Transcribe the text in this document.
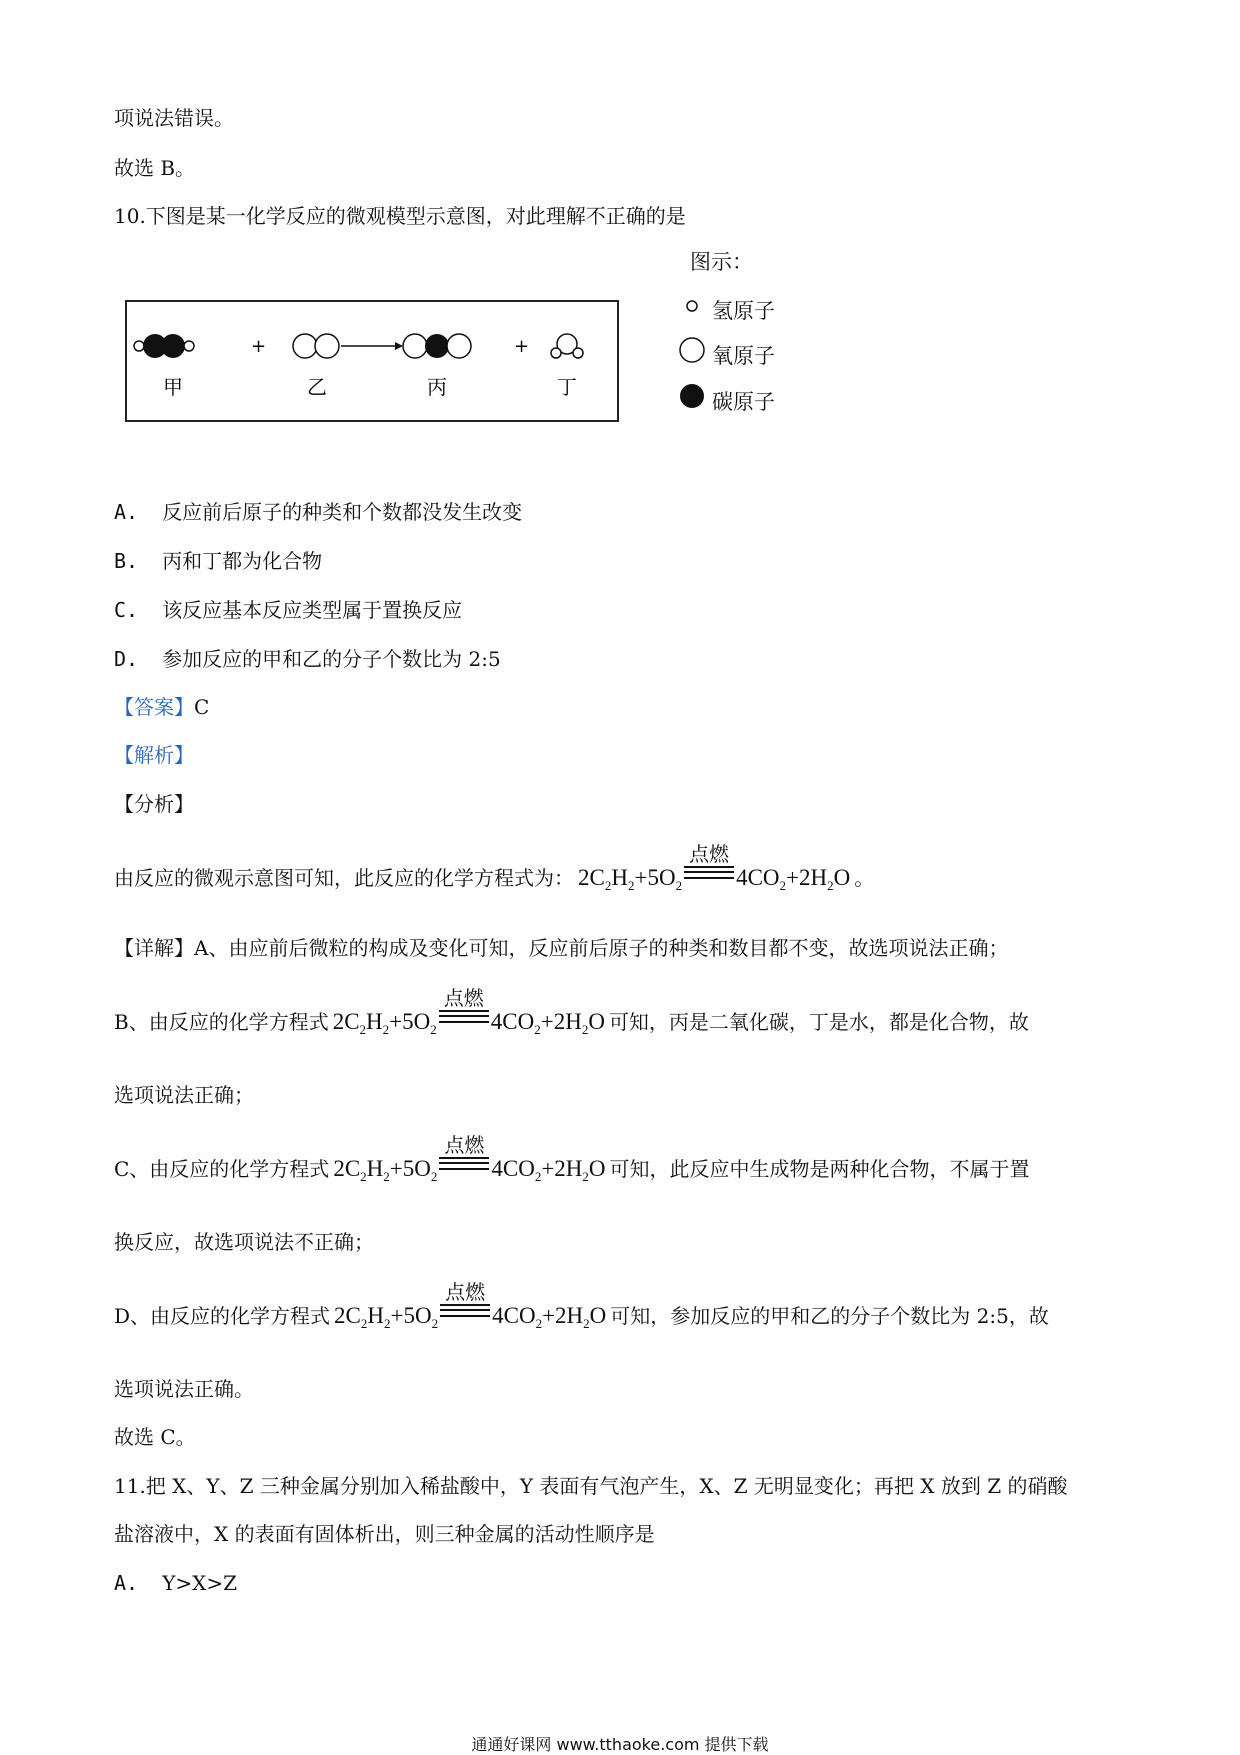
项说法错误。
故选 B。
10.下图是某一化学反应的微观模型示意图，对此理解不正确的是
+	+
甲	乙	丙	丁
图示：
氢原子
氧原子
碳原子
A. 反应前后原子的种类和个数都没发生改变
B. 丙和丁都为化合物
C. 该反应基本反应类型属于置换反应
D. 参加反应的甲和乙的分子个数比为 2:5
【答案】C
【解析】
【分析】
由反应的微观示意图可知，此反应的化学方程式为： $2C_2H_2+5O_2$
点燃
$4CO_2+2H_2O$ 。
【详解】A、由应前后微粒的构成及变化可知，反应前后原子的种类和数目都不变，故选项说法正确；
B、由反应的化学方程式 $2C_2H_2+5O_2$
点燃
$4CO_2+2H_2O$ 可知，丙是二氧化碳，丁是水，都是化合物，故
选项说法正确；
C、由反应的化学方程式 $2C_2H_2+5O_2$
点燃
$4CO_2+2H_2O$ 可知，此反应中生成物是两种化合物，不属于置
换反应，故选项说法不正确；
D、由反应的化学方程式 $2C_2H_2+5O_2$
点燃
$4CO_2+2H_2O$ 可知，参加反应的甲和乙的分子个数比为 2:5，故
选项说法正确。
故选 C。
11.把 X、Y、Z 三种金属分别加入稀盐酸中，Y 表面有气泡产生，X、Z 无明显变化；再把 X 放到 Z 的硝酸
盐溶液中，X 的表面有固体析出，则三种金属的活动性顺序是
A. Y>X>Z
通通好课网 www.tthaoke.com 提供下载
